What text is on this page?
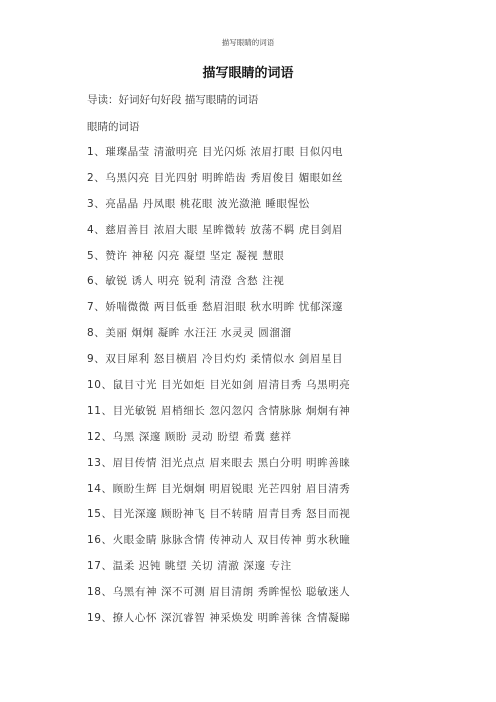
描写眼睛的词语
描写眼睛的词语
导读：好词好句好段 描写眼睛的词语
眼睛的词语
1、璀璨晶莹 清澈明亮 目光闪烁 浓眉打眼 目似闪电
2、乌黑闪亮 目光四射 明眸皓齿 秀眉俊目 媚眼如丝
3、亮晶晶 丹凤眼 桃花眼 波光潋滟 睡眼惺忪
4、慈眉善目 浓眉大眼 星眸微转 放荡不羁 虎目剑眉
5、赞许 神秘 闪亮 凝望 坚定 凝视 慧眼
6、敏锐 诱人 明亮 锐利 清澄 含愁 注视
7、娇喘微微 两目低垂 愁眉泪眼 秋水明眸 忧郁深邃
8、美丽 炯炯 凝眸 水汪汪 水灵灵 圆溜溜
9、双目犀利 怒目横眉 冷目灼灼 柔情似水 剑眉星目
10、鼠目寸光 目光如炬 目光如剑 眉清目秀 乌黑明亮
11、目光敏锐 眉梢细长 忽闪忽闪 含情脉脉 炯炯有神
12、乌黑 深邃 顾盼 灵动 盼望 希冀 慈祥
13、眉目传情 泪光点点 眉来眼去 黑白分明 明眸善睐
14、顾盼生辉 目光炯炯 明眉锐眼 光芒四射 眉目清秀
15、目光深邃 顾盼神飞 目不转睛 眉青目秀 怒目而视
16、火眼金睛 脉脉含情 传神动人 双目传神 剪水秋瞳
17、温柔 迟钝 眺望 关切 清澈 深邃 专注
18、乌黑有神 深不可测 眉目清朗 秀眸惺忪 聪敏迷人
19、撩人心怀 深沉睿智 神采焕发 明眸善徕 含情凝睇
